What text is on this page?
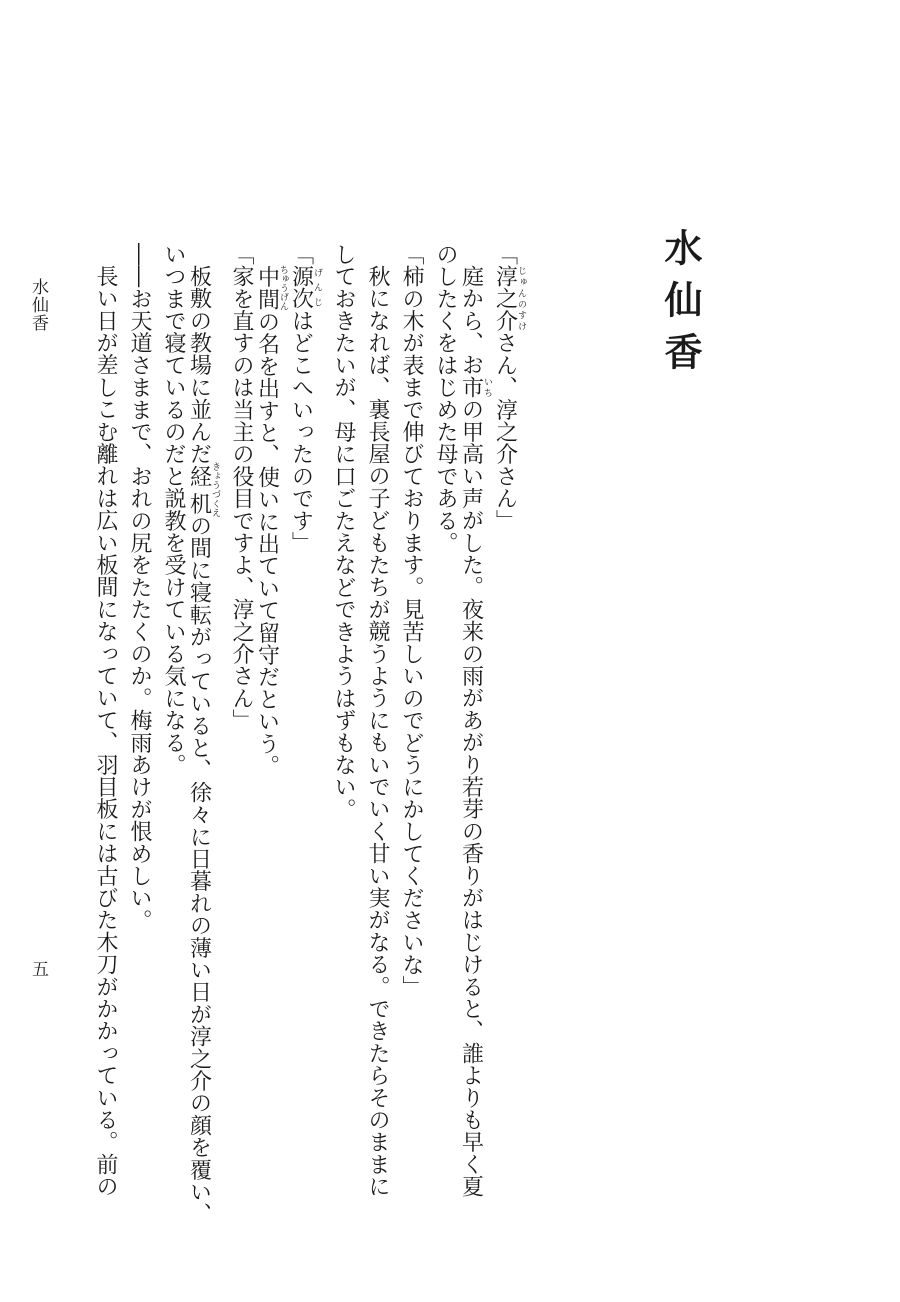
水仙香
水仙香
五
「淳之介じゅんのすけさん、淳之介さん」
庭から、お市いちの甲高い声がした。夜来の雨があがり若芽の香りがはじけると、誰よりも早く夏
のしたくをはじめた母である。
「柿の木が表まで伸びております。見苦しいのでどうにかしてくださいな」
秋になれば、裏長屋の子どもたちが競うようにもいでいく甘い実がなる。できたらそのままに
しておきたいが、母に口ごたえなどできようはずもない。
「源次げんじはどこへいったのです」
中間ちゅうげんの名を出すと、使いに出ていて留守だという。
「家を直すのは当主の役目ですよ、淳之介さん」
板敷の教場に並んだ経机きょうづくえの間に寝転がっていると、徐々に日暮れの薄い日が淳之介の顔を覆い、
いつまで寝ているのだと説教を受けている気になる。
――お天道さままで、おれの尻をたたくのか。梅雨あけが恨めしい。
長い日が差しこむ離れは広い板間になっていて、羽目板には古びた木刀がかかっている。前の
